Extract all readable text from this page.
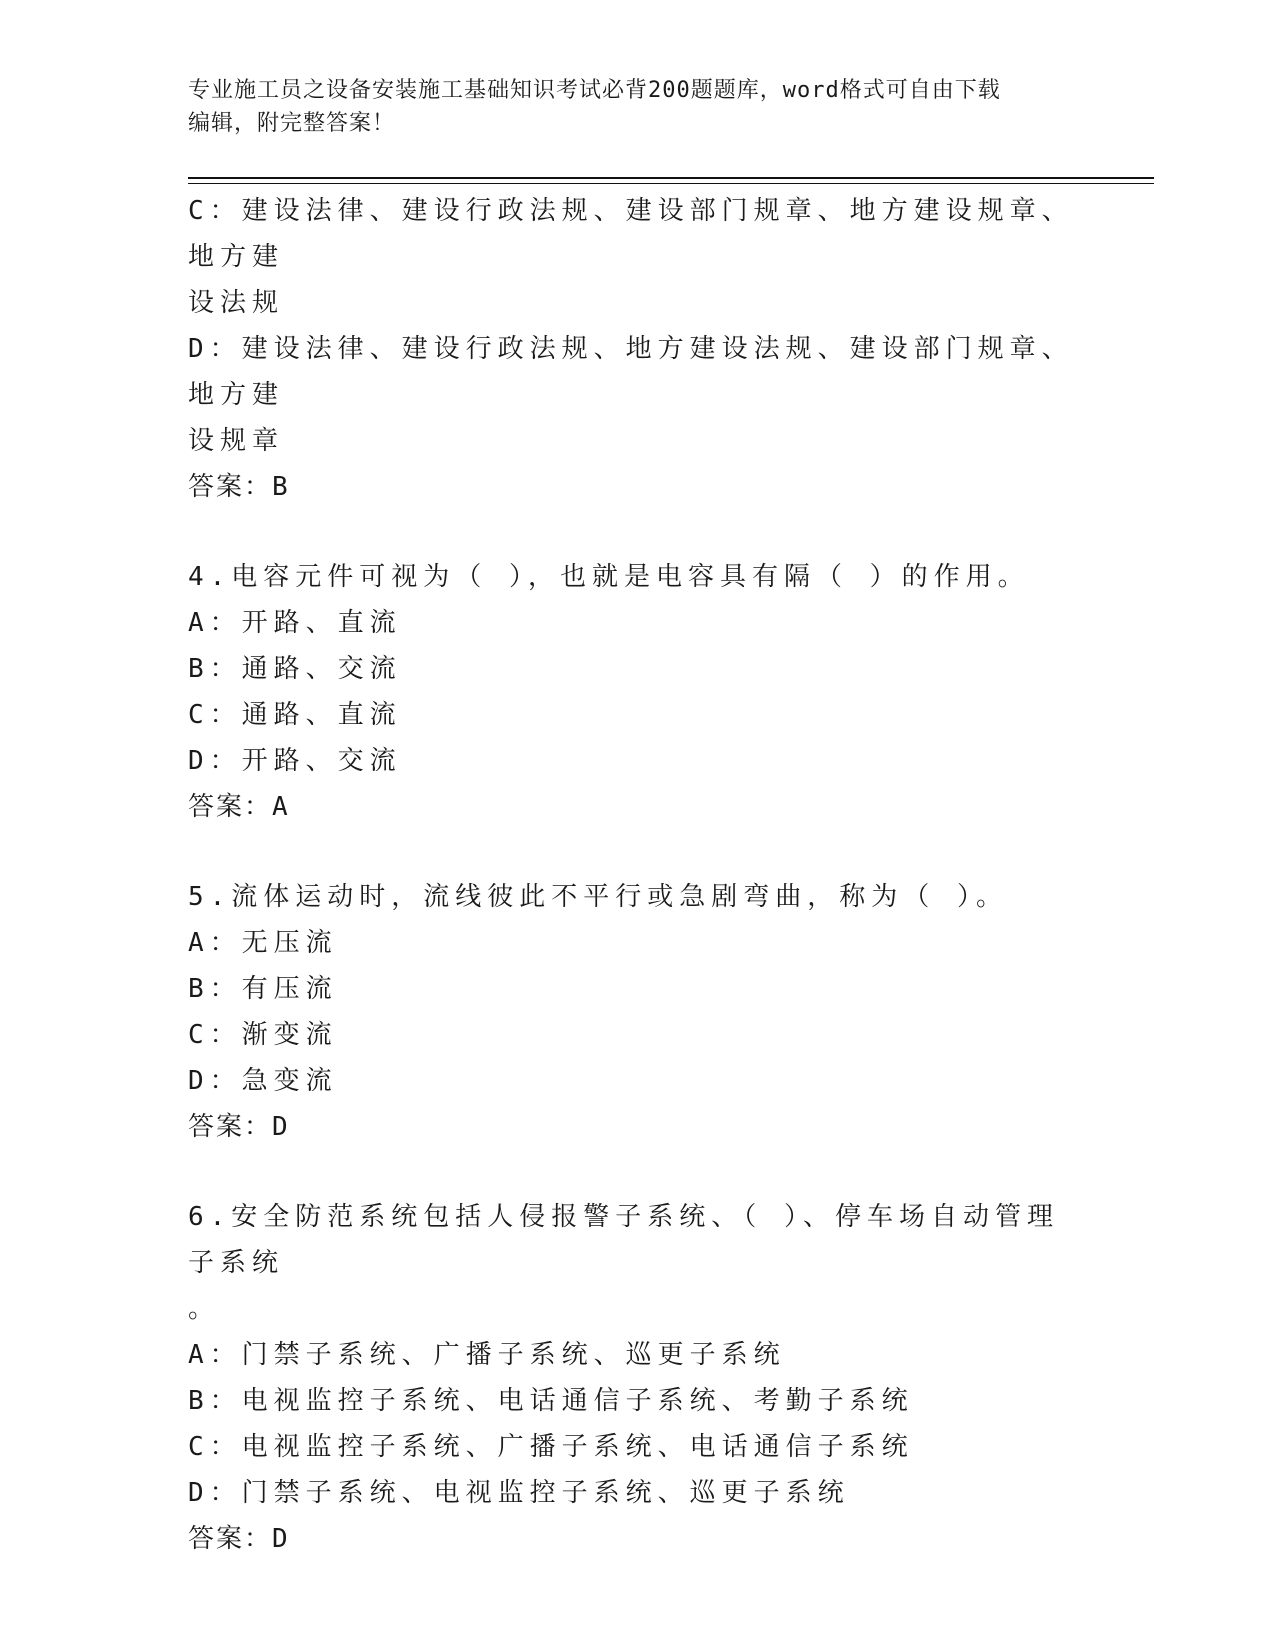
专业施工员之设备安装施工基础知识考试必背200题题库，word格式可自由下载
编辑，附完整答案！

C：建设法律、建设行政法规、建设部门规章、地方建设规章、地方建

设法规

D：建设法律、建设行政法规、地方建设法规、建设部门规章、地方建

设规章

答案：B

4.电容元件可视为（ ），也就是电容具有隔（ ）的作用。

A：开路、直流

B：通路、交流

C：通路、直流

D：开路、交流

答案：A

5.流体运动时，流线彼此不平行或急剧弯曲，称为（ ）。

A：无压流

B：有压流

C：渐变流

D：急变流

答案：D

6.安全防范系统包括人侵报警子系统、（ ）、停车场自动管理子系统

。

A：门禁子系统、广播子系统、巡更子系统

B：电视监控子系统、电话通信子系统、考勤子系统

C：电视监控子系统、广播子系统、电话通信子系统

D：门禁子系统、电视监控子系统、巡更子系统

答案：D
